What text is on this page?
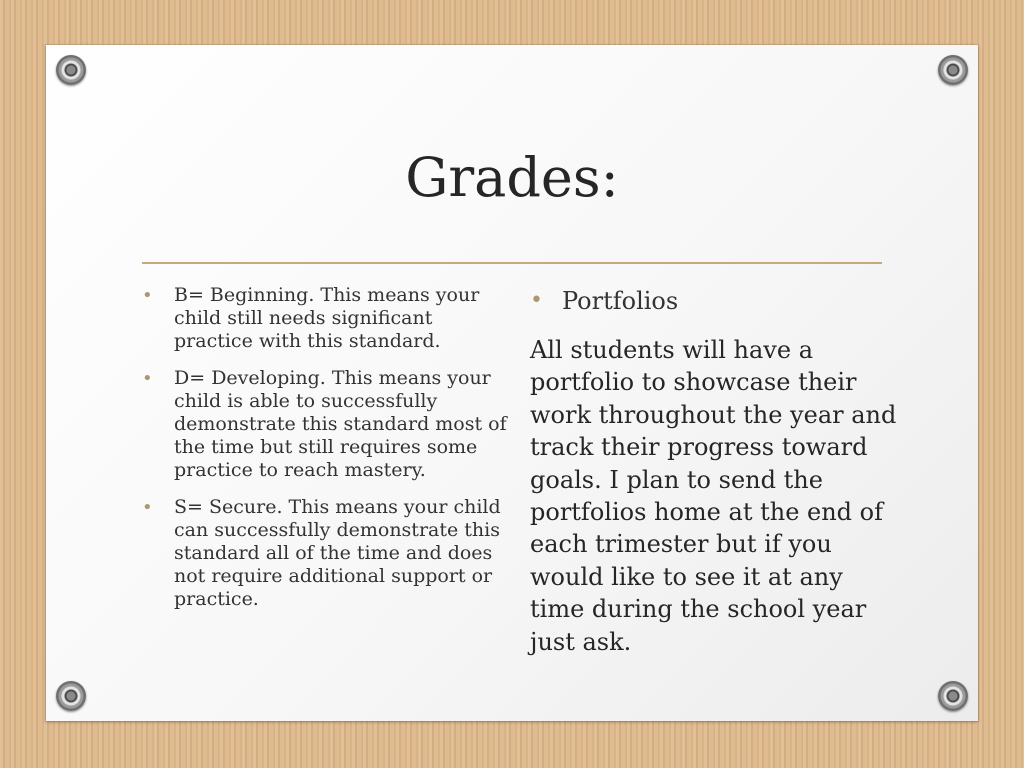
Grades:
• B= Beginning. This means your child still needs significant practice with this standard.
• D= Developing. This means your child is able to successfully demonstrate this standard most of the time but still requires some practice to reach mastery.
• S= Secure. This means your child can successfully demonstrate this standard all of the time and does not require additional support or practice.
• Portfolios
All students will have a portfolio to showcase their work throughout the year and track their progress toward goals. I plan to send the portfolios home at the end of each trimester but if you would like to see it at any time during the school year just ask.
